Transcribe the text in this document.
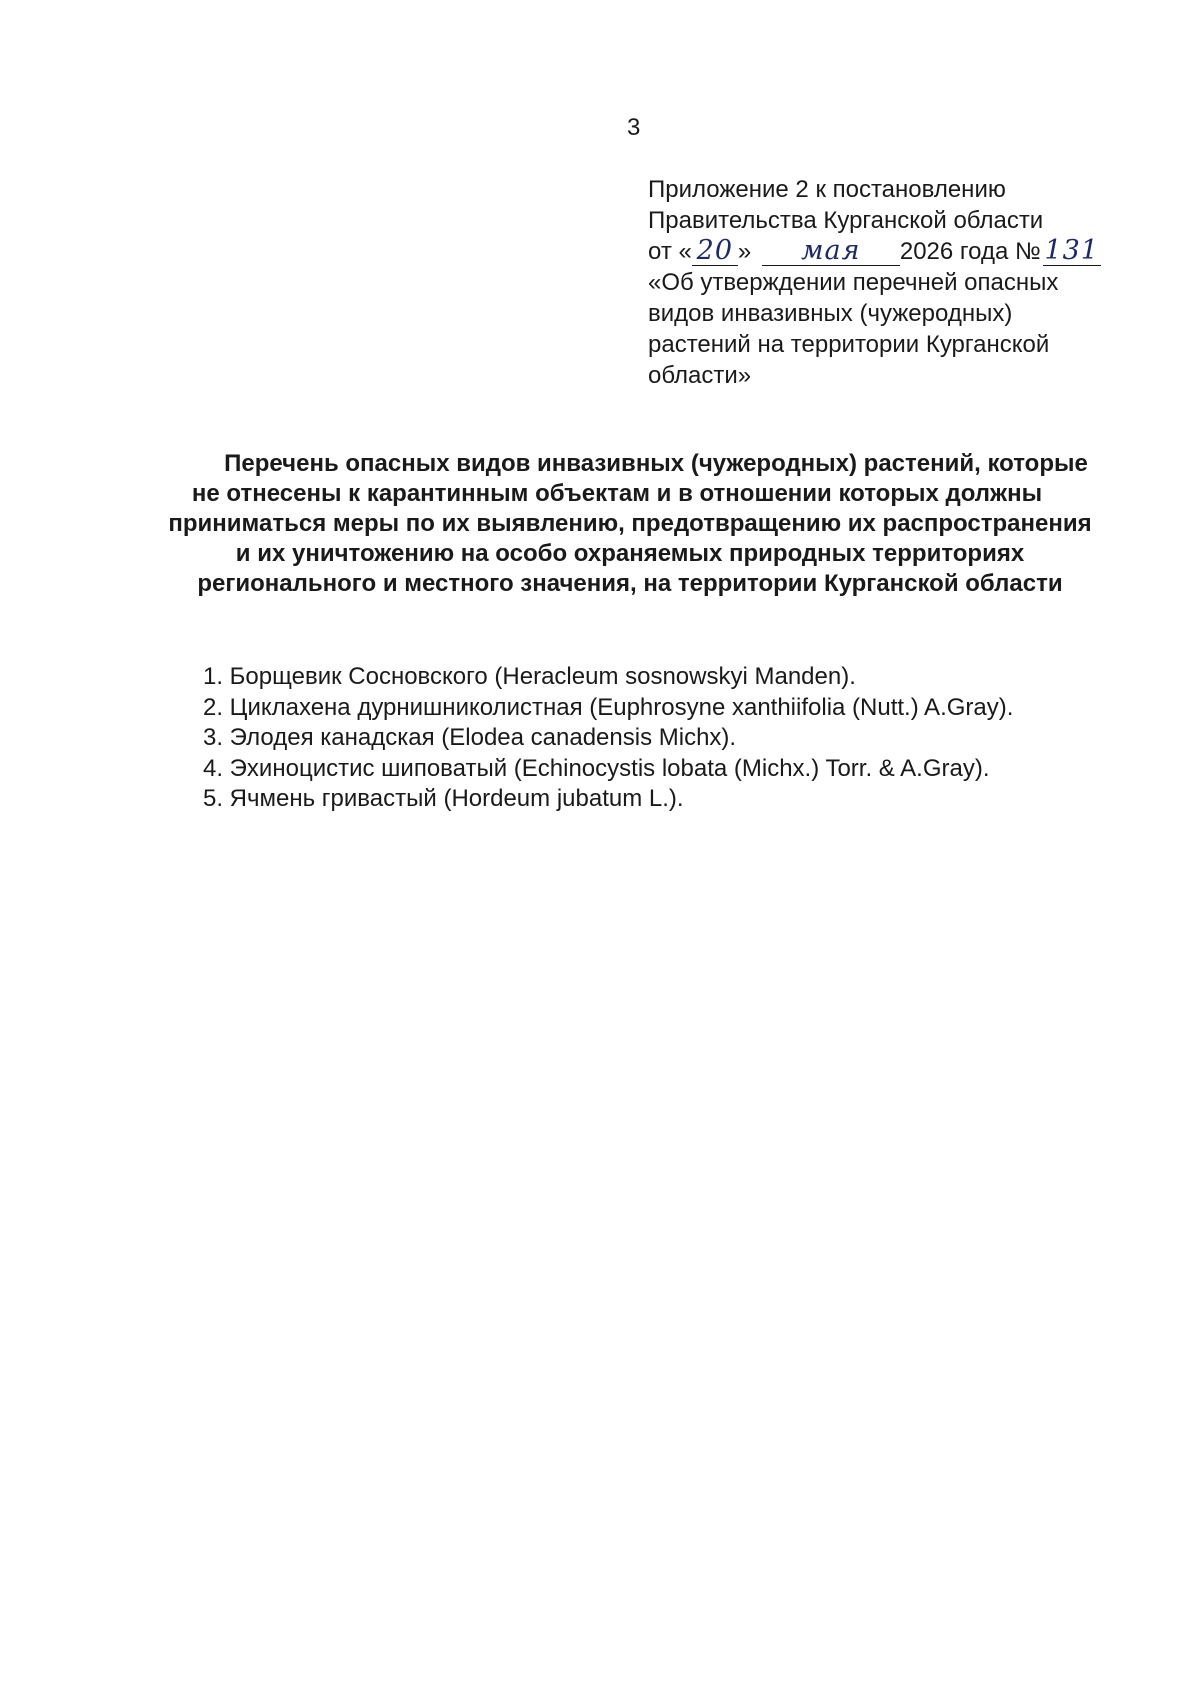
3
Приложение 2 к постановлению
Правительства Курганской области
от « 20 » мая 2026 года № 131
«Об утверждении перечней опасных
видов инвазивных (чужеродных)
растений на территории Курганской
области»
Перечень опасных видов инвазивных (чужеродных) растений, которые
не отнесены к карантинным объектам и в отношении которых должны
приниматься меры по их выявлению, предотвращению их распространения
и их уничтожению на особо охраняемых природных территориях
регионального и местного значения, на территории Курганской области
1. Борщевик Сосновского (Heracleum sosnowskyi Manden).
2. Циклахена дурнишниколистная (Euphrosyne xanthiifolia (Nutt.) A.Gray).
3. Элодея канадская (Elodea canadensis Michx).
4. Эхиноцистис шиповатый (Echinocystis lobata (Michx.) Torr. & A.Gray).
5. Ячмень гривастый (Hordeum jubatum L.).
